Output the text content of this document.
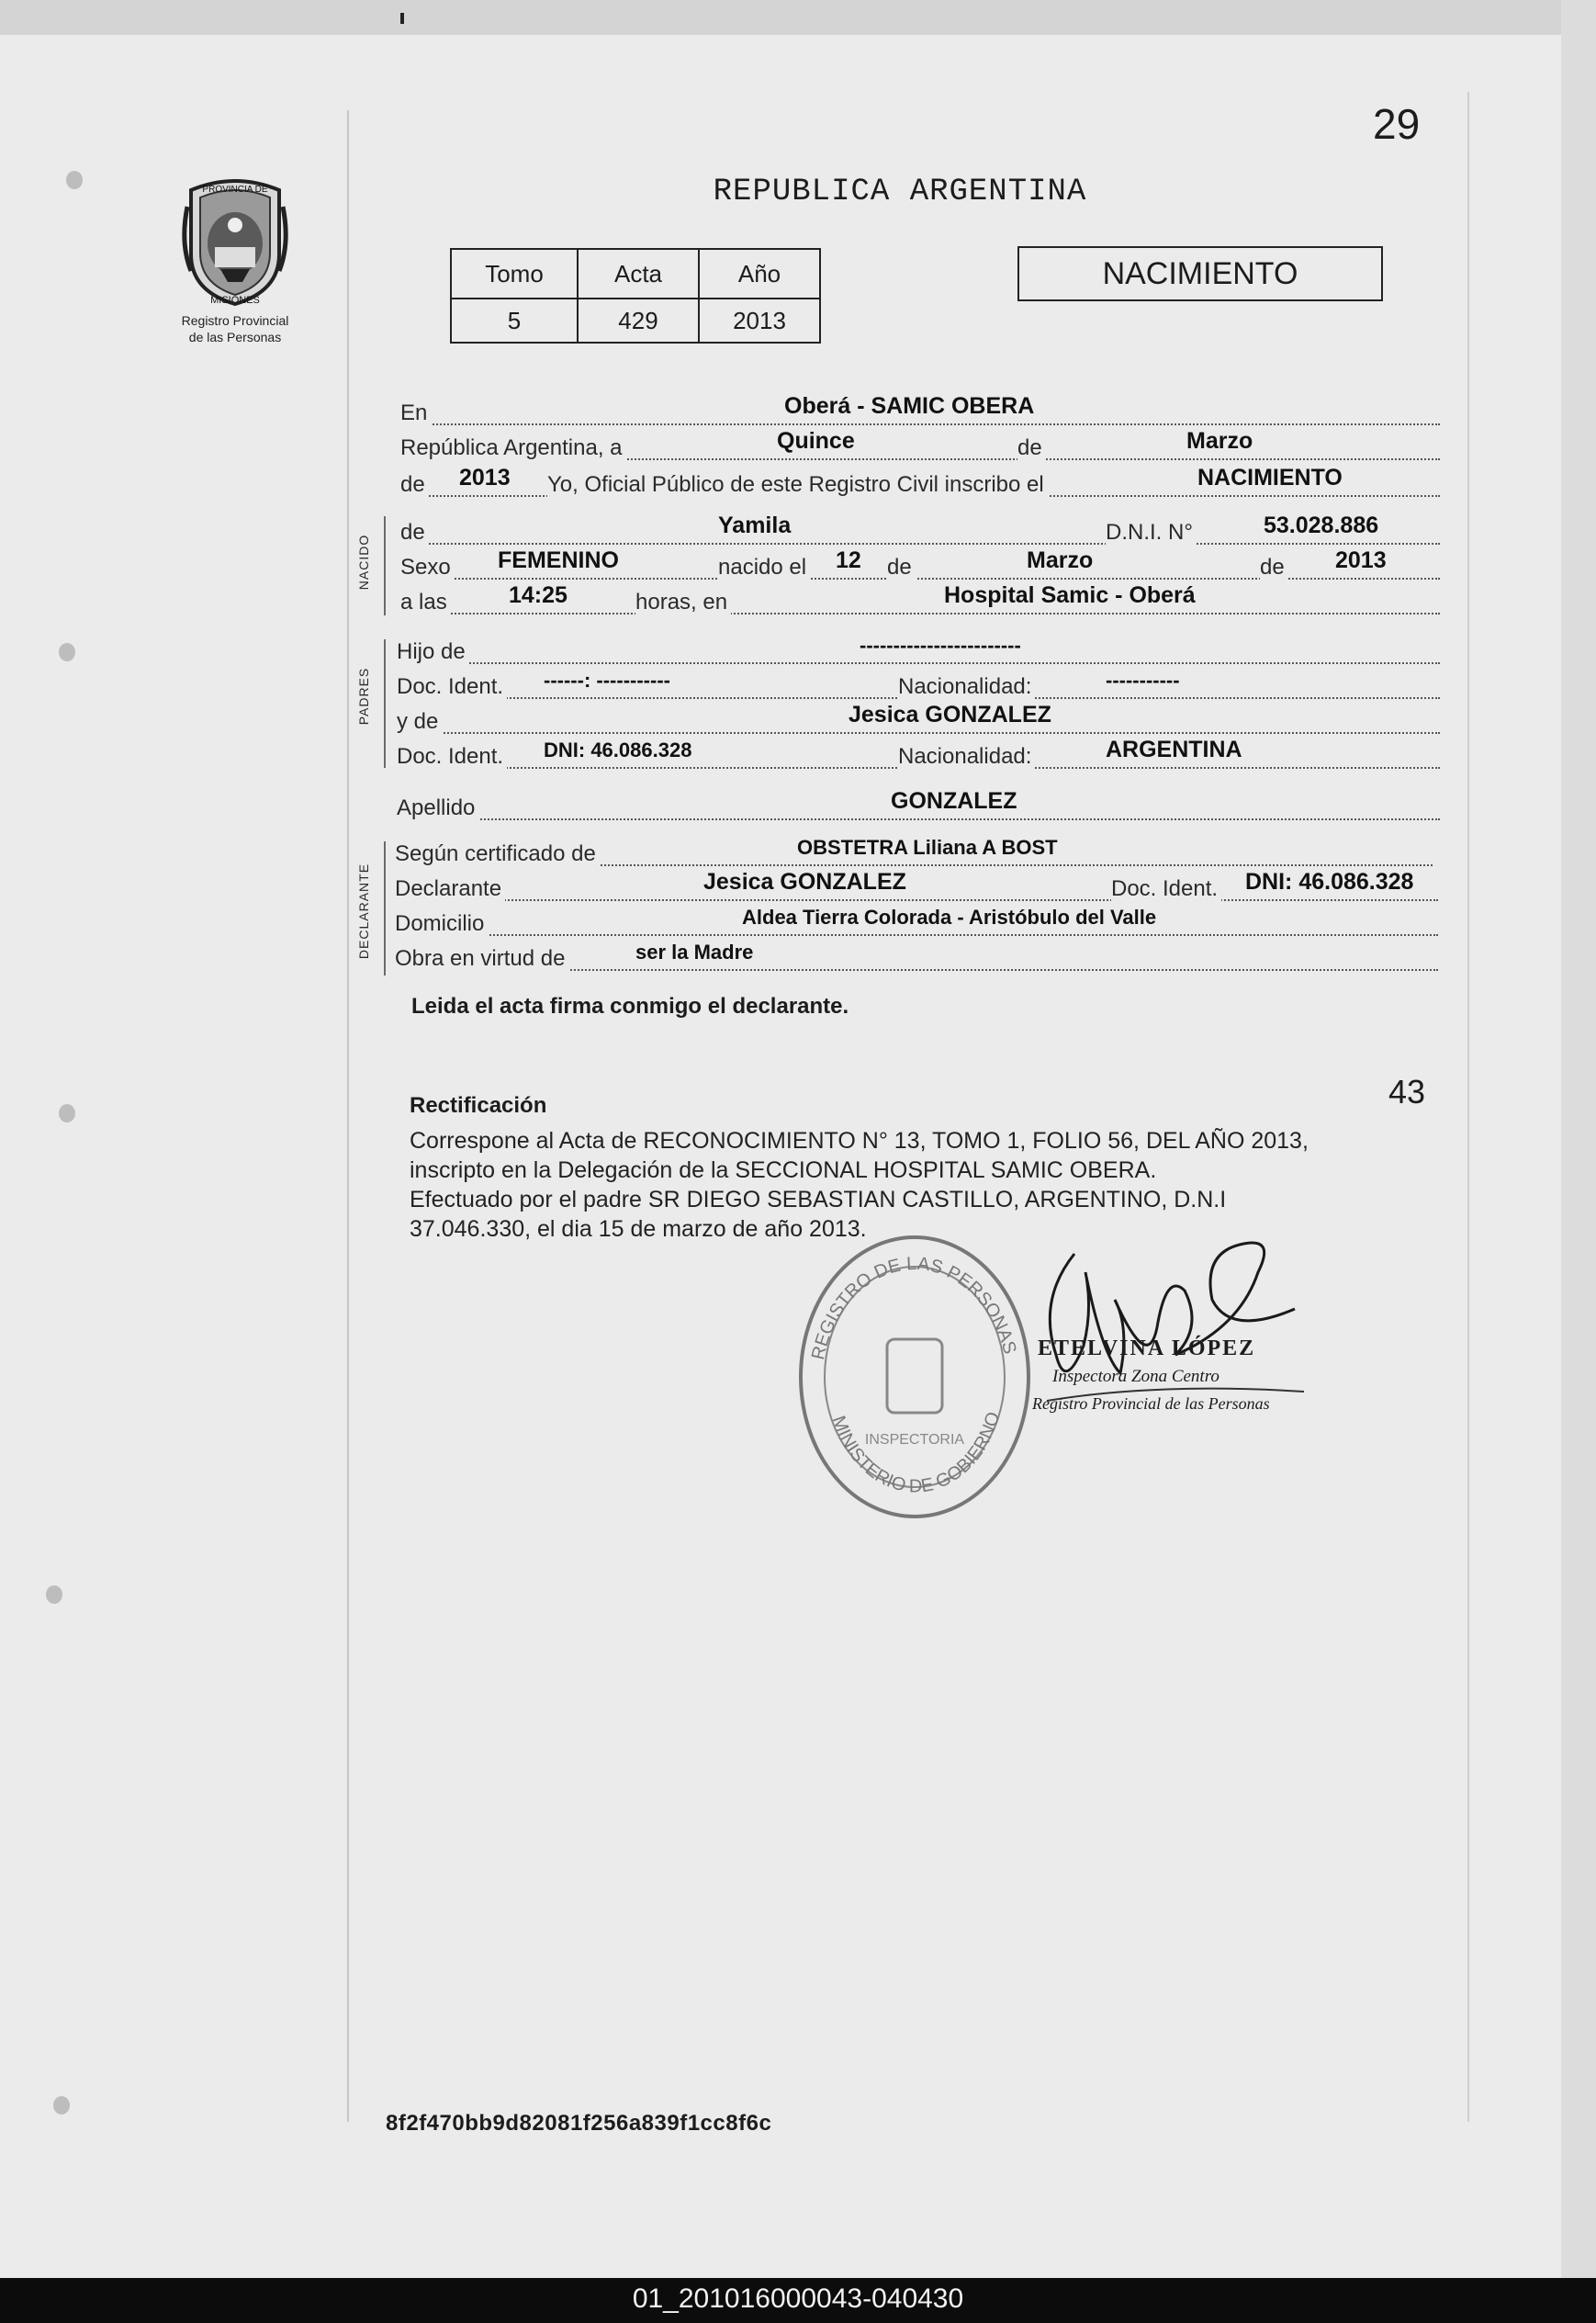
PROVINCIA DE
MISIONES
Registro Provincial
de las Personas
29
REPUBLICA ARGENTINA
Tomo	Acta	Año
5	429	2013
NACIMIENTO
En	Oberá - SAMIC OBERA
República Argentina, a	Quince	de	Marzo
de 2013 Yo, Oficial Público de este Registro Civil inscribo el	NACIMIENTO
NACIDO
de	Yamila	D.N.I. N°	53.028.886
Sexo FEMENINO	nacido el 12 de	Marzo	de 2013
a las	14:25	horas, en	Hospital Samic - Oberá
PADRES
Hijo de	------------------------
Doc. Ident. ------: -----------	Nacionalidad:	-----------
y de	Jesica GONZALEZ
Doc. Ident. DNI: 46.086.328	Nacionalidad:	ARGENTINA
Apellido	GONZALEZ
DECLARANTE
Según certificado de	OBSTETRA Liliana A BOST
Declarante	Jesica GONZALEZ	Doc. Ident. DNI: 46.086.328
Domicilio	Aldea Tierra Colorada - Aristóbulo del Valle
Obra en virtud de	ser la Madre
Leida el acta firma conmigo el declarante.
43
Rectificación
Correspone al Acta de RECONOCIMIENTO N° 13, TOMO 1, FOLIO 56, DEL AÑO 2013,
inscripto en la Delegación de la SECCIONAL HOSPITAL SAMIC OBERA.
Efectuado por el padre SR DIEGO SEBASTIAN CASTILLO, ARGENTINO, D.N.I
37.046.330, el dia 15 de marzo de año 2013.
REGISTRO DE LAS PERSONAS
MINISTERIO DE GOBIERNO
INSPECTORIA
ETELVINA LÓPEZ
Inspectora Zona Centro
Registro Provincial de las Personas
8f2f470bb9d82081f256a839f1cc8f6c
01_201016000043-040430
